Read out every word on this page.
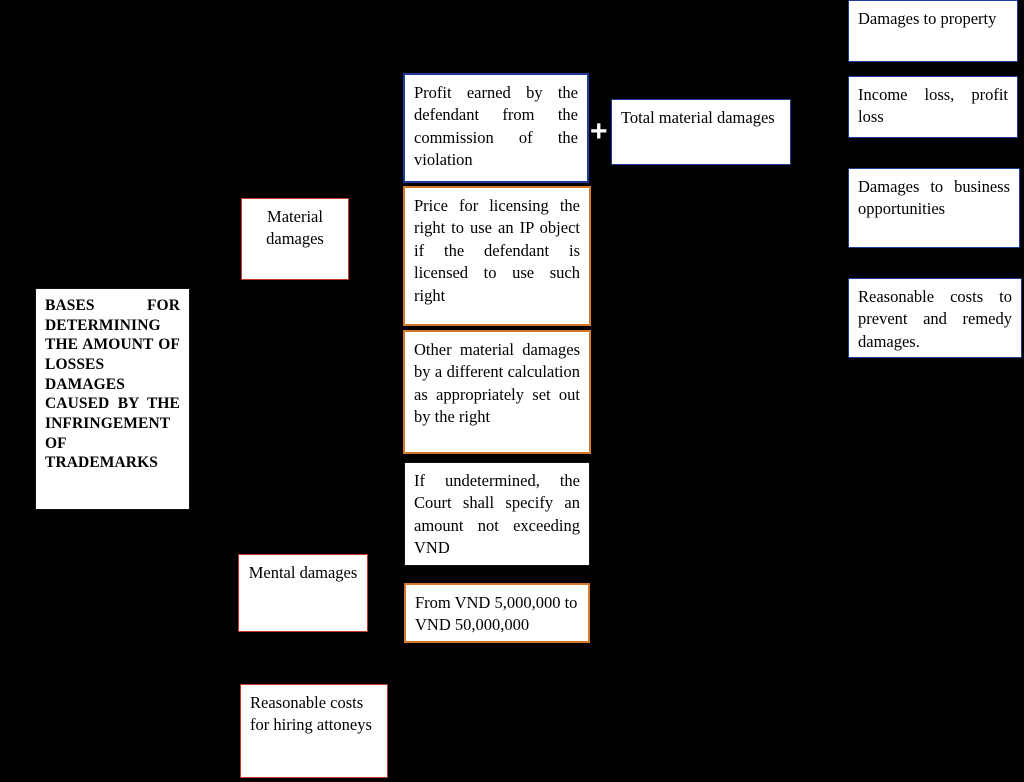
BASES FOR DETERMINING THE AMOUNT OF LOSSES DAMAGES CAUSED BY THE INFRINGEMENT OF TRADEMARKS
Material damages
Mental damages
Reasonable costs for hiring attoneys
Profit earned by the defendant from the commission of the violation
Price for licensing the right to use an IP object if the defendant is licensed to use such right
Other material damages by a different calculation as appropriately set out by the right
If undetermined, the Court shall specify an amount not exceeding VND
From VND 5,000,000 to VND 50,000,000
+ Total material damages
Damages to property
Income loss, profit loss
Damages to business opportunities
Reasonable costs to prevent and remedy damages.
